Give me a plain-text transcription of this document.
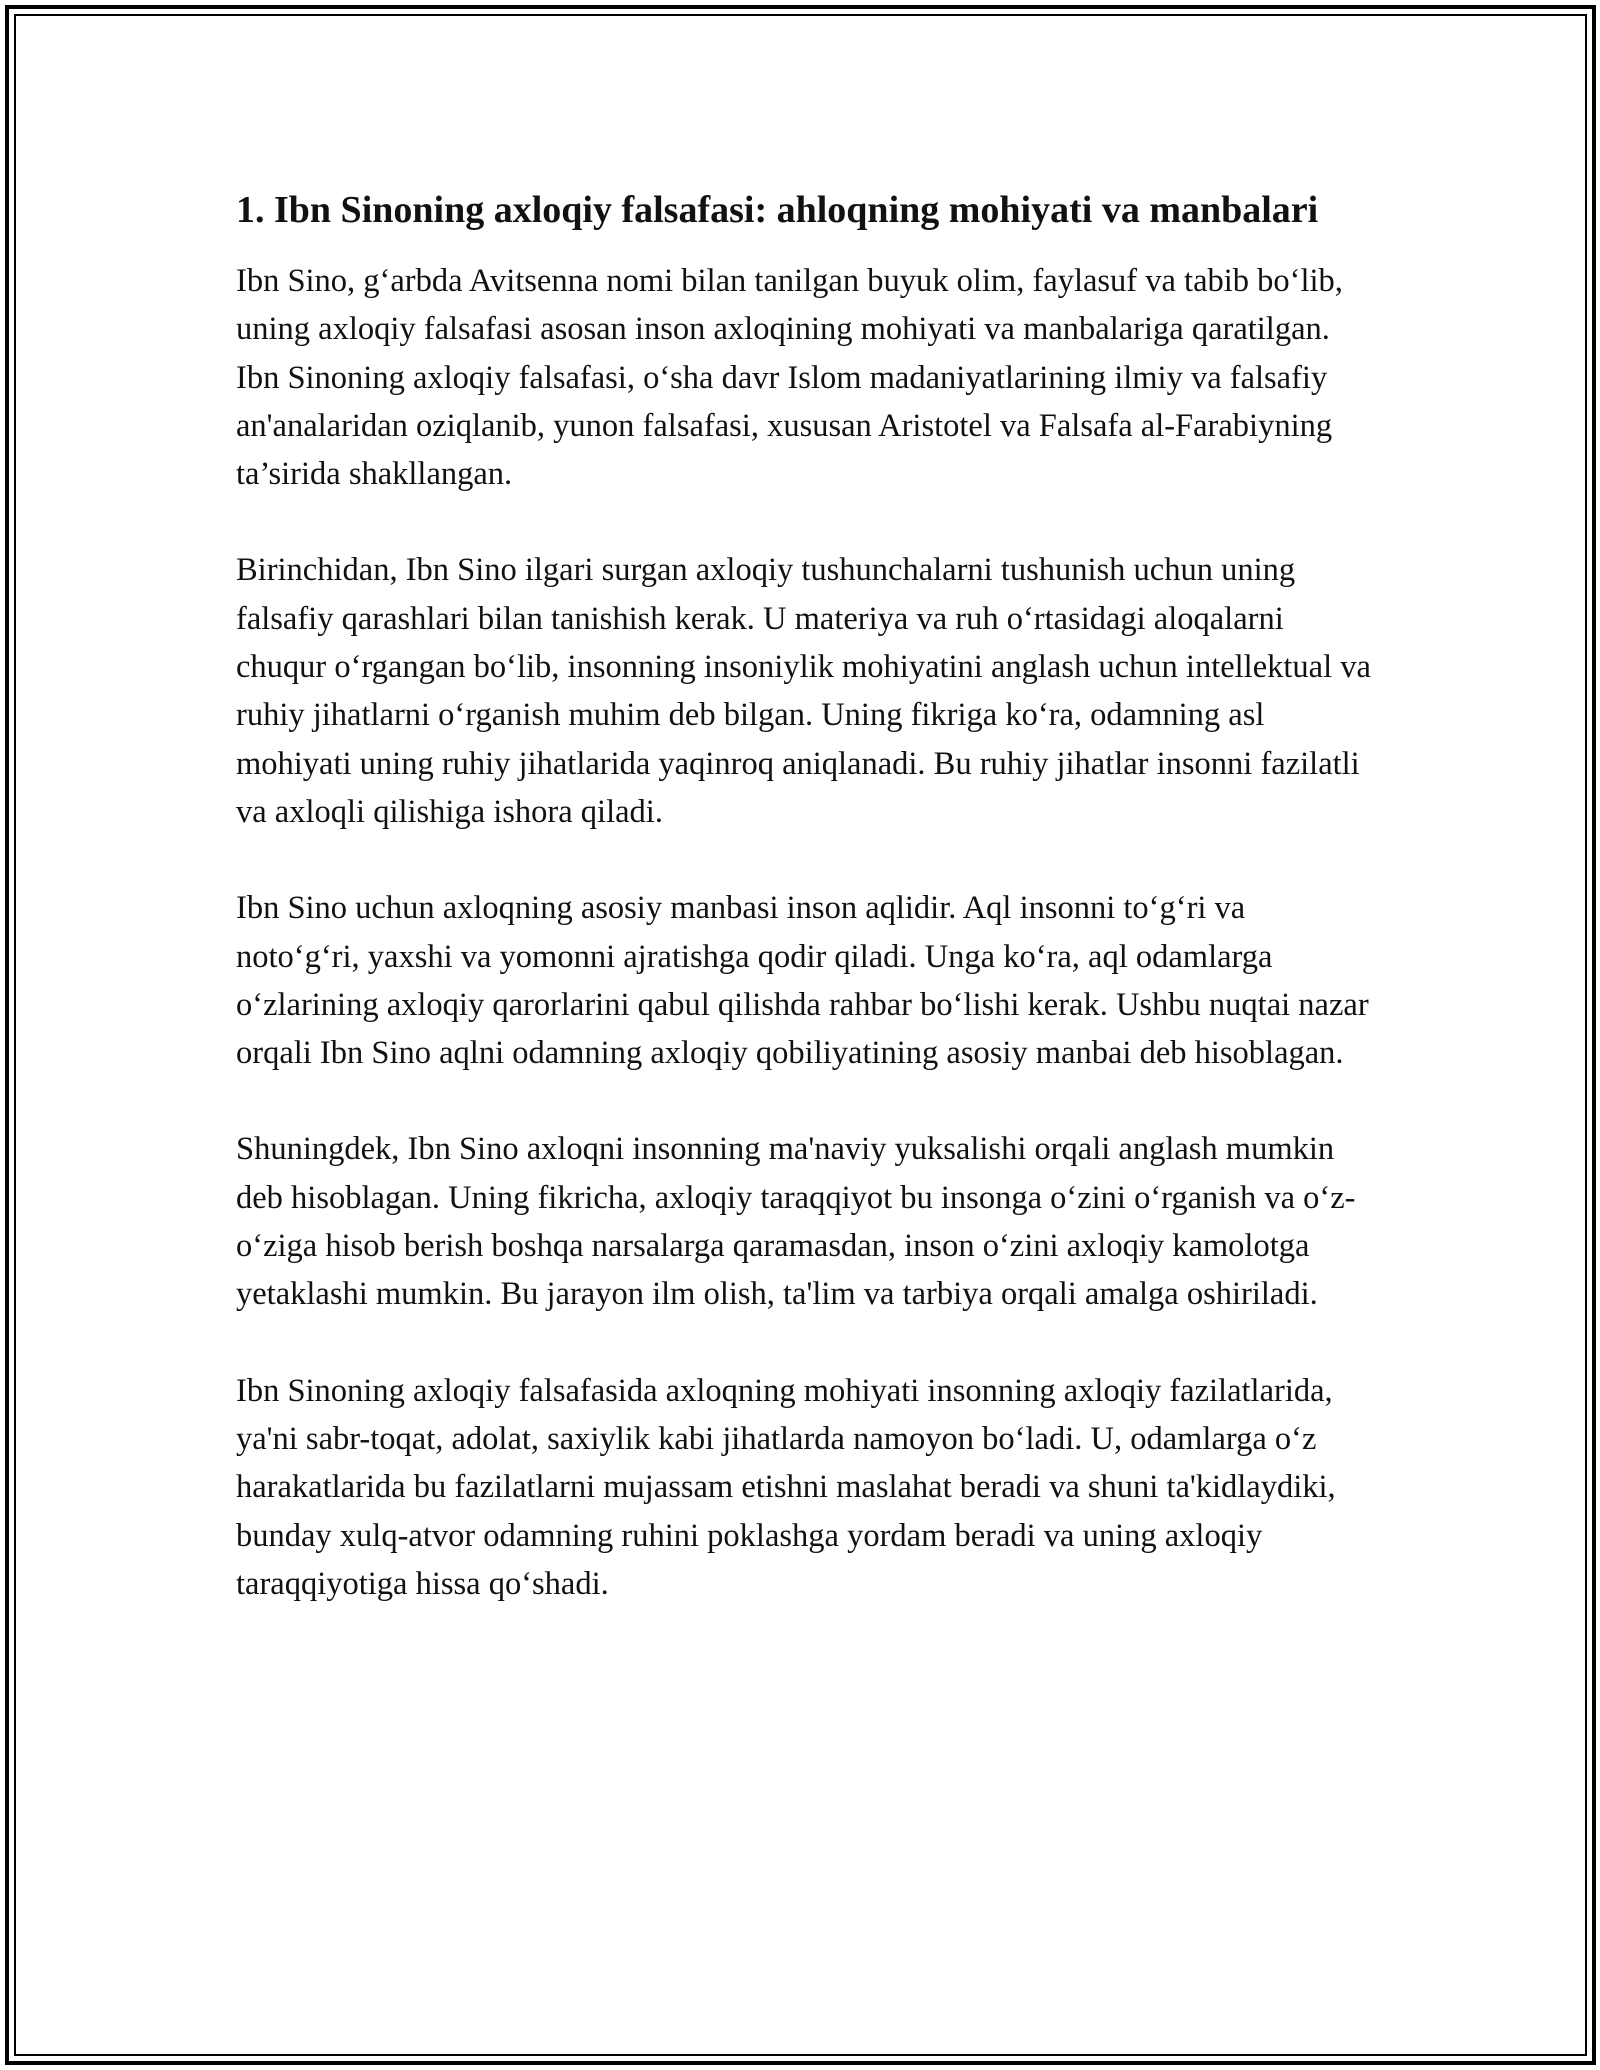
1. Ibn Sinoning axloqiy falsafasi: ahloqning mohiyati va manbalari

Ibn Sino, g‘arbda Avitsenna nomi bilan tanilgan buyuk olim, faylasuf va tabib bo‘lib, uning axloqiy falsafasi asosan inson axloqining mohiyati va manbalariga qaratilgan. Ibn Sinoning axloqiy falsafasi, o‘sha davr Islom madaniyatlarining ilmiy va falsafiy an'analaridan oziqlanib, yunon falsafasi, xususan Aristotel va Falsafa al-Farabiyning ta’sirida shakllangan.

Birinchidan, Ibn Sino ilgari surgan axloqiy tushunchalarni tushunish uchun uning falsafiy qarashlari bilan tanishish kerak. U materiya va ruh o‘rtasidagi aloqalarni chuqur o‘rgangan bo‘lib, insonning insoniylik mohiyatini anglash uchun intellektual va ruhiy jihatlarni o‘rganish muhim deb bilgan. Uning fikriga ko‘ra, odamning asl mohiyati uning ruhiy jihatlarida yaqinroq aniqlanadi. Bu ruhiy jihatlar insonni fazilatli va axloqli qilishiga ishora qiladi.

Ibn Sino uchun axloqning asosiy manbasi inson aqlidir. Aql insonni to‘g‘ri va noto‘g‘ri, yaxshi va yomonni ajratishga qodir qiladi. Unga ko‘ra, aql odamlarga o‘zlarining axloqiy qarorlarini qabul qilishda rahbar bo‘lishi kerak. Ushbu nuqtai nazar orqali Ibn Sino aqlni odamning axloqiy qobiliyatining asosiy manbai deb hisoblagan.

Shuningdek, Ibn Sino axloqni insonning ma'naviy yuksalishi orqali anglash mumkin deb hisoblagan. Uning fikricha, axloqiy taraqqiyot bu insonga o‘zini o‘rganish va o‘z-o‘ziga hisob berish boshqa narsalarga qaramasdan, inson o‘zini axloqiy kamolotga yetaklashi mumkin. Bu jarayon ilm olish, ta'lim va tarbiya orqali amalga oshiriladi.

Ibn Sinoning axloqiy falsafasida axloqning mohiyati insonning axloqiy fazilatlarida, ya'ni sabr-toqat, adolat, saxiylik kabi jihatlarda namoyon bo‘ladi. U, odamlarga o‘z harakatlarida bu fazilatlarni mujassam etishni maslahat beradi va shuni ta'kidlaydiki, bunday xulq-atvor odamning ruhini poklashga yordam beradi va uning axloqiy taraqqiyotiga hissa qo‘shadi.
